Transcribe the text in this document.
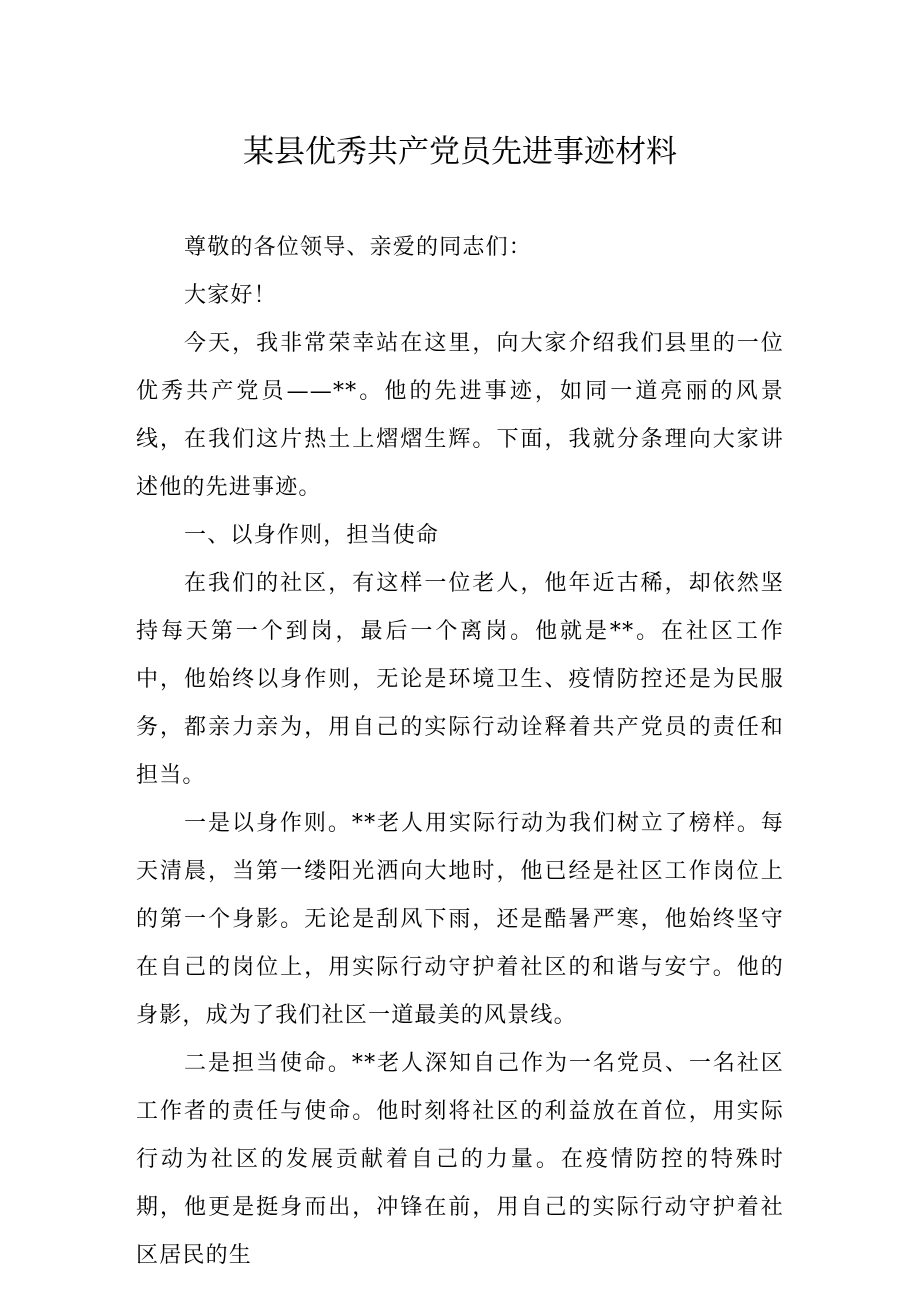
某县优秀共产党员先进事迹材料

尊敬的各位领导、亲爱的同志们：

大家好！

今天，我非常荣幸站在这里，向大家介绍我们县里的一位优秀共产党员——**。他的先进事迹，如同一道亮丽的风景线，在我们这片热土上熠熠生辉。下面，我就分条理向大家讲述他的先进事迹。

一、以身作则，担当使命

在我们的社区，有这样一位老人，他年近古稀，却依然坚持每天第一个到岗，最后一个离岗。他就是**。在社区工作中，他始终以身作则，无论是环境卫生、疫情防控还是为民服务，都亲力亲为，用自己的实际行动诠释着共产党员的责任和担当。

一是以身作则。**老人用实际行动为我们树立了榜样。每天清晨，当第一缕阳光洒向大地时，他已经是社区工作岗位上的第一个身影。无论是刮风下雨，还是酷暑严寒，他始终坚守在自己的岗位上，用实际行动守护着社区的和谐与安宁。他的身影，成为了我们社区一道最美的风景线。

二是担当使命。**老人深知自己作为一名党员、一名社区工作者的责任与使命。他时刻将社区的利益放在首位，用实际行动为社区的发展贡献着自己的力量。在疫情防控的特殊时期，他更是挺身而出，冲锋在前，用自己的实际行动守护着社区居民的生
